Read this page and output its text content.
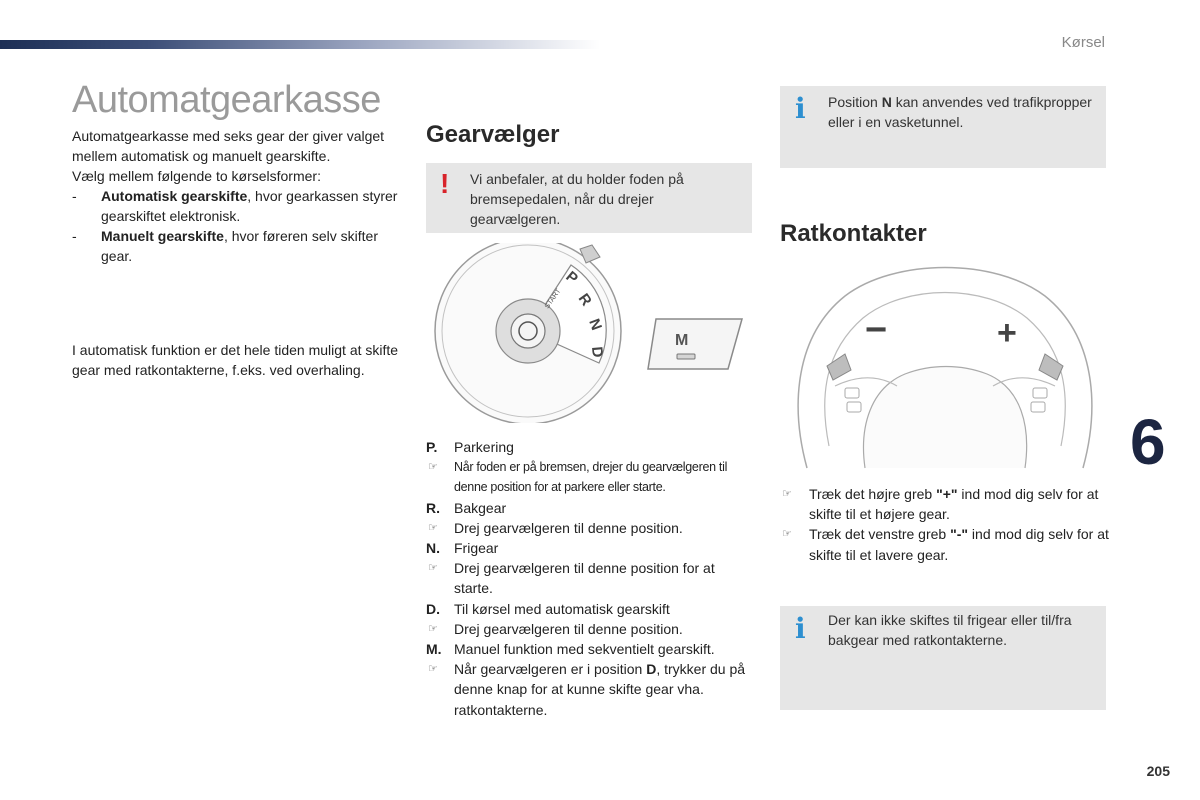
Kørsel
205
6
Automatgearkasse

Automatgearkasse med seks gear der giver valget mellem automatisk og manuelt gearskifte.

Vælg mellem følgende to kørselsformer:

- Automatisk gearskifte, hvor gearkassen styrer gearskiftet elektronisk.
- Manuelt gearskifte, hvor føreren selv skifter gear.

I automatisk funktion er det hele tiden muligt at skifte gear med ratkontakterne, f.eks. ved overhaling.

Gearvælger
! Vi anbefaler, at du holder foden på bremsepedalen, når du drejer gearvælgeren.
START
P
R
N
D
M
P. Parkering
☞ Når foden er på bremsen, drejer du gearvælgeren til denne position for at parkere eller starte.
R. Bakgear
☞ Drej gearvælgeren til denne position.
N. Frigear
☞ Drej gearvælgeren til denne position for at starte.
D. Til kørsel med automatisk gearskift
☞ Drej gearvælgeren til denne position.
M. Manuel funktion med sekventielt gearskift.
☞ Når gearvælgeren er i position D, trykker du på denne knap for at kunne skifte gear vha. ratkontakterne.
i Position N kan anvendes ved trafikpropper eller i en vasketunnel.
Ratkontakter
−	+
☞ Træk det højre greb "+" ind mod dig selv for at skifte til et højere gear.
☞ Træk det venstre greb "-" ind mod dig selv for at skifte til et lavere gear.
i Der kan ikke skiftes til frigear eller til/fra bakgear med ratkontakterne.
